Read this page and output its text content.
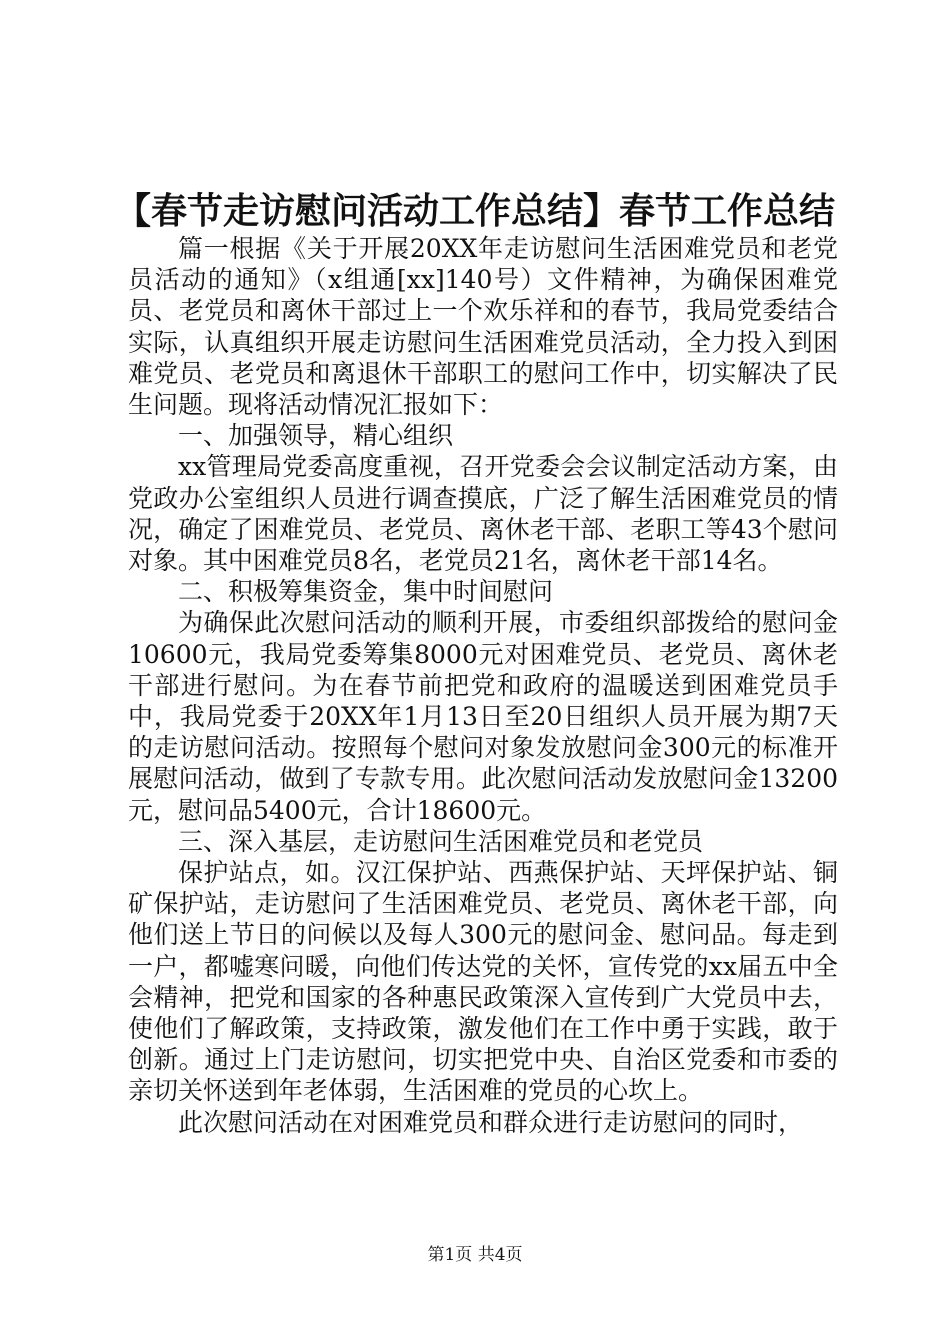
【春节走访慰问活动工作总结】春节工作总结

篇一根据《关于开展20XX年走访慰问生活困难党员和老党员活动的通知》（x组通[xx]140号）文件精神，为确保困难党员、老党员和离休干部过上一个欢乐祥和的春节，我局党委结合实际，认真组织开展走访慰问生活困难党员活动，全力投入到困难党员、老党员和离退休干部职工的慰问工作中，切实解决了民生问题。现将活动情况汇报如下：

一、加强领导，精心组织

xx管理局党委高度重视，召开党委会会议制定活动方案，由党政办公室组织人员进行调查摸底，广泛了解生活困难党员的情况，确定了困难党员、老党员、离休老干部、老职工等43个慰问对象。其中困难党员8名，老党员21名，离休老干部14名。

二、积极筹集资金，集中时间慰问

为确保此次慰问活动的顺利开展，市委组织部拨给的慰问金10600元，我局党委筹集8000元对困难党员、老党员、离休老干部进行慰问。为在春节前把党和政府的温暖送到困难党员手中，我局党委于20XX年1月13日至20日组织人员开展为期7天的走访慰问活动。按照每个慰问对象发放慰问金300元的标准开展慰问活动，做到了专款专用。此次慰问活动发放慰问金13200元，慰问品5400元，合计18600元。

三、深入基层，走访慰问生活困难党员和老党员

保护站点，如。汉江保护站、西燕保护站、天坪保护站、铜矿保护站，走访慰问了生活困难党员、老党员、离休老干部，向他们送上节日的问候以及每人300元的慰问金、慰问品。每走到一户，都嘘寒问暖，向他们传达党的关怀，宣传党的xx届五中全会精神，把党和国家的各种惠民政策深入宣传到广大党员中去，使他们了解政策，支持政策，激发他们在工作中勇于实践，敢于创新。通过上门走访慰问，切实把党中央、自治区党委和市委的亲切关怀送到年老体弱，生活困难的党员的心坎上。

此次慰问活动在对困难党员和群众进行走访慰问的同时，

第1页 共4页
